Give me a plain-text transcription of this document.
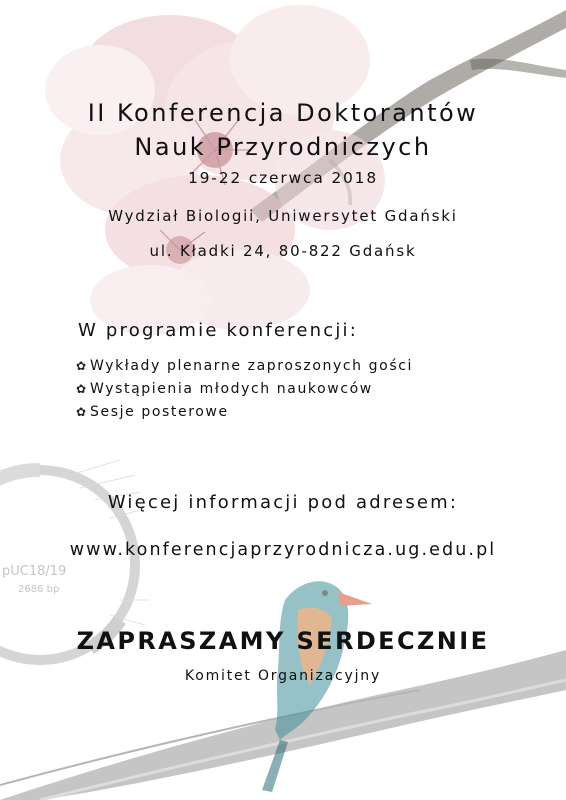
pUC18/19
2686 bp
II Konferencja Doktorantów
Nauk Przyrodniczych
19-22 czerwca 2018
Wydział Biologii, Uniwersytet Gdański
ul. Kładki 24, 80-822 Gdańsk
W programie konferencji:
✿ Wykłady plenarne zaproszonych gości
✿ Wystąpienia młodych naukowców
✿ Sesje posterowe
Więcej informacji pod adresem:
www.konferencjaprzyrodnicza.ug.edu.pl
ZAPRASZAMY SERDECZNIE
Komitet Organizacyjny
